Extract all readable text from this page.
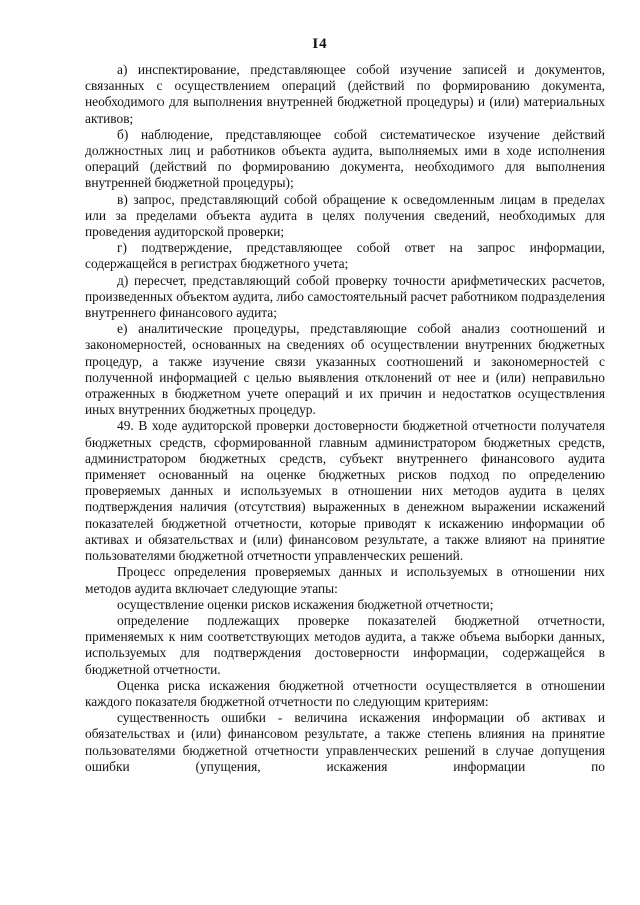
I4

а) инспектирование, представляющее собой изучение записей и документов, связанных с осуществлением операций (действий по формированию документа, необходимого для выполнения внутренней бюджетной процедуры) и (или) материальных активов;

б) наблюдение, представляющее собой систематическое изучение действий должностных лиц и работников объекта аудита, выполняемых ими в ходе исполнения операций (действий по формированию документа, необходимого для выполнения внутренней бюджетной процедуры);

в) запрос, представляющий собой обращение к осведомленным лицам в пределах или за пределами объекта аудита в целях получения сведений, необходимых для проведения аудиторской проверки;

г) подтверждение, представляющее собой ответ на запрос информации, содержащейся в регистрах бюджетного учета;

д) пересчет, представляющий собой проверку точности арифметических расчетов, произведенных объектом аудита, либо самостоятельный расчет работником подразделения внутреннего финансового аудита;

е) аналитические процедуры, представляющие собой анализ соотношений и закономерностей, основанных на сведениях об осуществлении внутренних бюджетных процедур, а также изучение связи указанных соотношений и закономерностей с полученной информацией с целью выявления отклонений от нее и (или) неправильно отраженных в бюджетном учете операций и их причин и недостатков осуществления иных внутренних бюджетных процедур.

49. В ходе аудиторской проверки достоверности бюджетной отчетности получателя бюджетных средств, сформированной главным администратором бюджетных средств, администратором бюджетных средств, субъект внутреннего финансового аудита применяет основанный на оценке бюджетных рисков подход по определению проверяемых данных и используемых в отношении них методов аудита в целях подтверждения наличия (отсутствия) выраженных в денежном выражении искажений показателей бюджетной отчетности, которые приводят к искажению информации об активах и обязательствах и (или) финансовом результате, а также влияют на принятие пользователями бюджетной отчетности управленческих решений.

Процесс определения проверяемых данных и используемых в отношении них методов аудита включает следующие этапы:

осуществление оценки рисков искажения бюджетной отчетности;

определение подлежащих проверке показателей бюджетной отчетности, применяемых к ним соответствующих методов аудита, а также объема выборки данных, используемых для подтверждения достоверности информации, содержащейся в бюджетной отчетности.

Оценка риска искажения бюджетной отчетности осуществляется в отношении каждого показателя бюджетной отчетности по следующим критериям:

существенность ошибки - величина искажения информации об активах и обязательствах и (или) финансовом результате, а также степень влияния на принятие пользователями бюджетной отчетности управленческих решений в случае допущения ошибки (упущения, искажения информации по
